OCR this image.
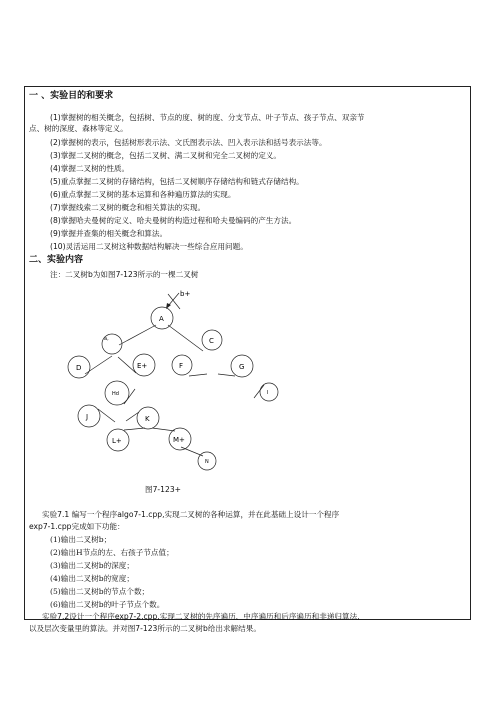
一 、实验目的和要求
(1)掌握树的相关概念，包括树、节点的度、树的度、分支节点、叶子节点、孩子节点、双亲节
点、树的深度、森林等定义。
(2)掌握树的表示，包括树形表示法、文氏图表示法、凹入表示法和括号表示法等。
(3)掌握二叉树的概念，包括二叉树、满二叉树和完全二叉树的定义。
(4)掌握二叉树的性质。
(5)重点掌握二叉树的存储结构，包括二叉树顺序存储结构和链式存储结构。
(6)重点掌握二叉树的基本运算和各种遍历算法的实现。
(7)掌握线索二叉树的概念和相关算法的实现。
(8)掌握哈夫曼树的定义、哈夫曼树的构造过程和哈夫曼编码的产生方法。
(9)掌握并查集的相关概念和算法。
(10)灵活运用二叉树这种数据结构解决一些综合应用问题。
二、实验内容
注：二叉树b为如图7-123所示的一棵二叉树
b+
A
a,	C
D	E+	F	G
I
Hd
J	K
L+	M+
N
图7-123+
实验7.1 编写一个程序algo7-1.cpp,实现二叉树的各种运算，并在此基础上设计一个程序
exp7-1.cpp完成如下功能：
(1)输出二叉树b；
(2)输出H节点的左、右孩子节点值；
(3)输出二叉树b的深度；
(4)输出二叉树b的宽度；
(5)输出二叉树b的节点个数；
(6)输出二叉树b的叶子节点个数。
实验7.2设计一个程序exp7-2.cpp,实现二叉树的先序遍历、中序遍历和后序遍历和非递归算法,
以及层次变量里的算法。并对图7-123所示的二叉树b给出求解结果。
